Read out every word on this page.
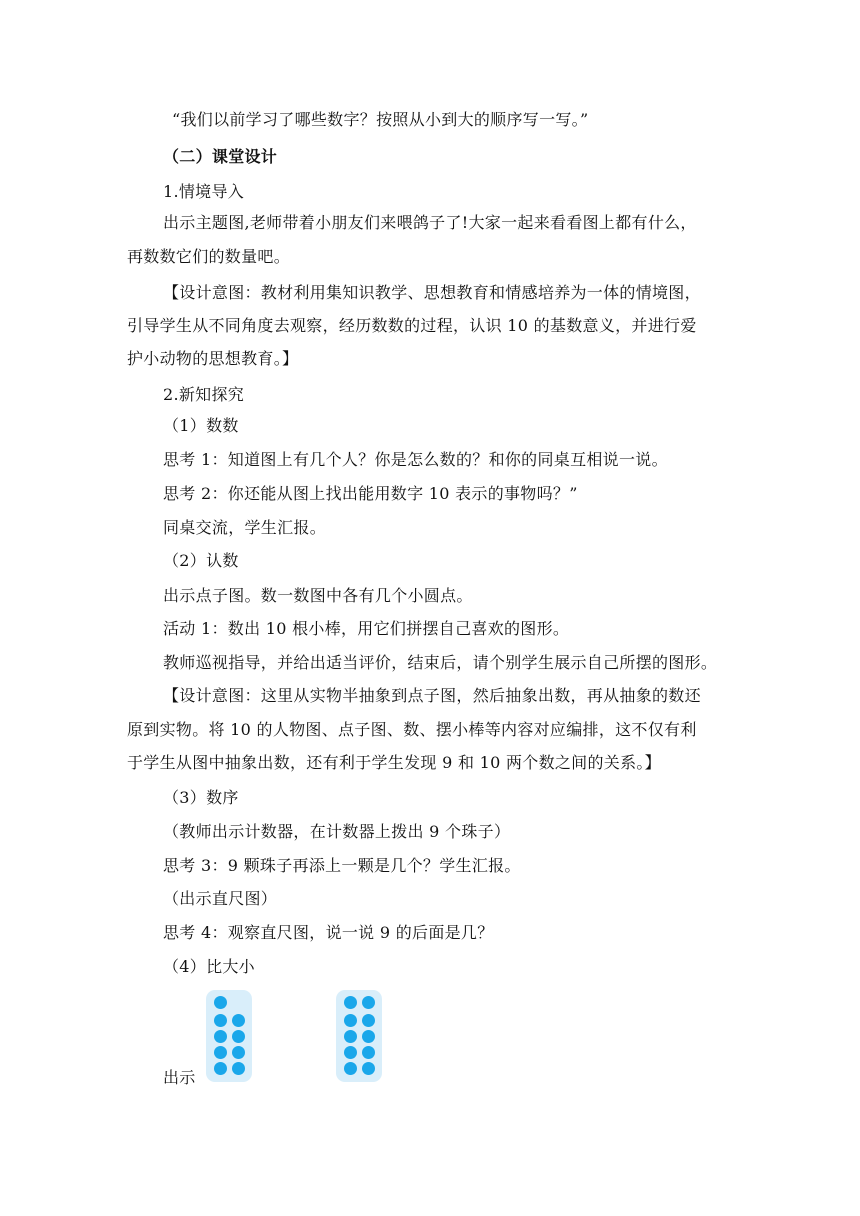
“我们以前学习了哪些数字？按照从小到大的顺序写一写。”
（二）课堂设计
1.情境导入
出示主题图,老师带着小朋友们来喂鸽子了!大家一起来看看图上都有什么，
再数数它们的数量吧。
【设计意图：教材利用集知识教学、思想教育和情感培养为一体的情境图，
引导学生从不同角度去观察，经历数数的过程，认识 10 的基数意义，并进行爱
护小动物的思想教育。】
2.新知探究
（1）数数
思考 1：知道图上有几个人？你是怎么数的？和你的同桌互相说一说。
思考 2：你还能从图上找出能用数字 10 表示的事物吗？”
同桌交流，学生汇报。
（2）认数
出示点子图。数一数图中各有几个小圆点。
活动 1：数出 10 根小棒，用它们拼摆自己喜欢的图形。
教师巡视指导，并给出适当评价，结束后，请个别学生展示自己所摆的图形。
【设计意图：这里从实物半抽象到点子图，然后抽象出数，再从抽象的数还
原到实物。将 10 的人物图、点子图、数、摆小棒等内容对应编排，这不仅有利
于学生从图中抽象出数，还有利于学生发现 9 和 10 两个数之间的关系。】
（3）数序
（教师出示计数器，在计数器上拨出 9 个珠子）
思考 3：9 颗珠子再添上一颗是几个？学生汇报。
（出示直尺图）
思考 4：观察直尺图，说一说 9 的后面是几？
（4）比大小
出示
